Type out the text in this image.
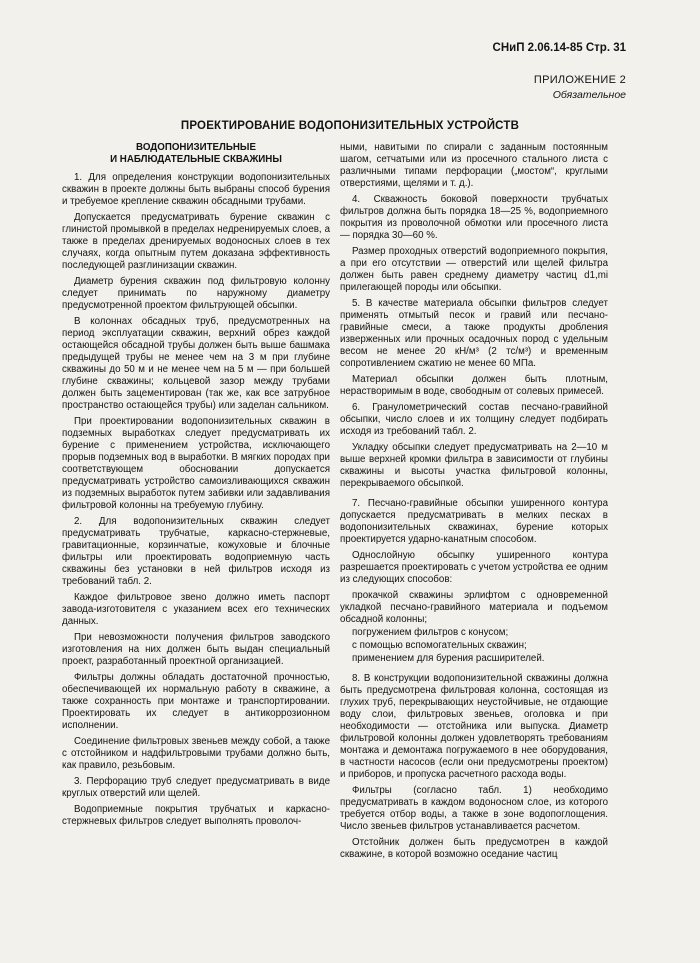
СНиП 2.06.14-85 Стр. 31
ПРИЛОЖЕНИЕ 2
Обязательное
ПРОЕКТИРОВАНИЕ ВОДОПОНИЗИТЕЛЬНЫХ УСТРОЙСТВ
ВОДОПОНИЗИТЕЛЬНЫЕ
И НАБЛЮДАТЕЛЬНЫЕ СКВАЖИНЫ

1. Для определения конструкции водопонизительных скважин в проекте должны быть выбраны способ бурения и требуемое крепление скважин обсадными трубами.

Допускается предусматривать бурение скважин с глинистой промывкой в пределах недренируемых слоев, а также в пределах дренируемых водоносных слоев в тех случаях, когда опытным путем доказана эффективность последующей разглинизации скважин.

Диаметр бурения скважин под фильтровую колонну следует принимать по наружному диаметру предусмотренной проектом фильтрующей обсыпки.

В колоннах обсадных труб, предусмотренных на период эксплуатации скважин, верхний обрез каждой остающейся обсадной трубы должен быть выше башмака предыдущей трубы не менее чем на 3 м при глубине скважины до 50 м и не менее чем на 5 м — при большей глубине скважины; кольцевой зазор между трубами должен быть зацементирован (так же, как все затрубное пространство остающейся трубы) или заделан сальником.

При проектировании водопонизительных скважин в подземных выработках следует предусматривать их бурение с применением устройства, исключающего прорыв подземных вод в выработки. В мягких породах при соответствующем обосновании допускается предусматривать устройство самоизливающихся скважин из подземных выработок путем забивки или задавливания фильтровой колонны на требуемую глубину.

2. Для водопонизительных скважин следует предусматривать трубчатые, каркасно-стержневые, гравитационные, корзинчатые, кожуховые и блочные фильтры или проектировать водоприемную часть скважины без установки в ней фильтров исходя из требований табл. 2.

Каждое фильтровое звено должно иметь паспорт завода-изготовителя с указанием всех его технических данных.

При невозможности получения фильтров заводского изготовления на них должен быть выдан специальный проект, разработанный проектной организацией.

Фильтры должны обладать достаточной прочностью, обеспечивающей их нормальную работу в скважине, а также сохранность при монтаже и транспортировании. Проектировать их следует в антикоррозионном исполнении.

Соединение фильтровых звеньев между собой, а также с отстойником и надфильтровыми трубами должно быть, как правило, резьбовым.

3. Перфорацию труб следует предусматривать в виде круглых отверстий или щелей.

Водоприемные покрытия трубчатых и каркасно-стержневых фильтров следует выполнять проволоч-

ными, навитыми по спирали с заданным постоянным шагом, сетчатыми или из просечного стального листа с различными типами перфорации („мостом“, круглыми отверстиями, щелями и т. д.).

4. Скважность боковой поверхности трубчатых фильтров должна быть порядка 18—25 %, водоприемного покрытия из проволочной обмотки или просечного листа — порядка 30—60 %.

Размер проходных отверстий водоприемного покрытия, а при его отсутствии — отверстий или щелей фильтра должен быть равен среднему диаметру частиц d1,mi прилегающей породы или обсыпки.

5. В качестве материала обсыпки фильтров следует применять отмытый песок и гравий или песчано-гравийные смеси, а также продукты дробления изверженных или прочных осадочных пород с удельным весом не менее 20 кН/м³ (2 тс/м³) и временным сопротивлением сжатию не менее 60 МПа.

Материал обсыпки должен быть плотным, нерастворимым в воде, свободным от солевых примесей.

6. Гранулометрический состав песчано-гравийной обсыпки, число слоев и их толщину следует подбирать исходя из требований табл. 2.

Укладку обсыпки следует предусматривать на 2—10 м выше верхней кромки фильтра в зависимости от глубины скважины и высоты участка фильтровой колонны, перекрываемого обсыпкой.

7. Песчано-гравийные обсыпки уширенного контура допускается предусматривать в мелких песках в водопонизительных скважинах, бурение которых проектируется ударно-канатным способом.

Однослойную обсыпку уширенного контура разрешается проектировать с учетом устройства ее одним из следующих способов:

прокачкой скважины эрлифтом с одновременной укладкой песчано-гравийного материала и подъемом обсадной колонны;

погружением фильтров с конусом;

с помощью вспомогательных скважин;

применением для бурения расширителей.

8. В конструкции водопонизительной скважины должна быть предусмотрена фильтровая колонна, состоящая из глухих труб, перекрывающих неустойчивые, не отдающие воду слои, фильтровых звеньев, оголовка и при необходимости — отстойника или выпуска. Диаметр фильтровой колонны должен удовлетворять требованиям монтажа и демонтажа погружаемого в нее оборудования, в частности насосов (если они предусмотрены проектом) и приборов, и пропуска расчетного расхода воды.

Фильтры (согласно табл. 1) необходимо предусматривать в каждом водоносном слое, из которого требуется отбор воды, а также в зоне водопоглощения. Число звеньев фильтров устанавливается расчетом.

Отстойник должен быть предусмотрен в каждой скважине, в которой возможно оседание частиц
